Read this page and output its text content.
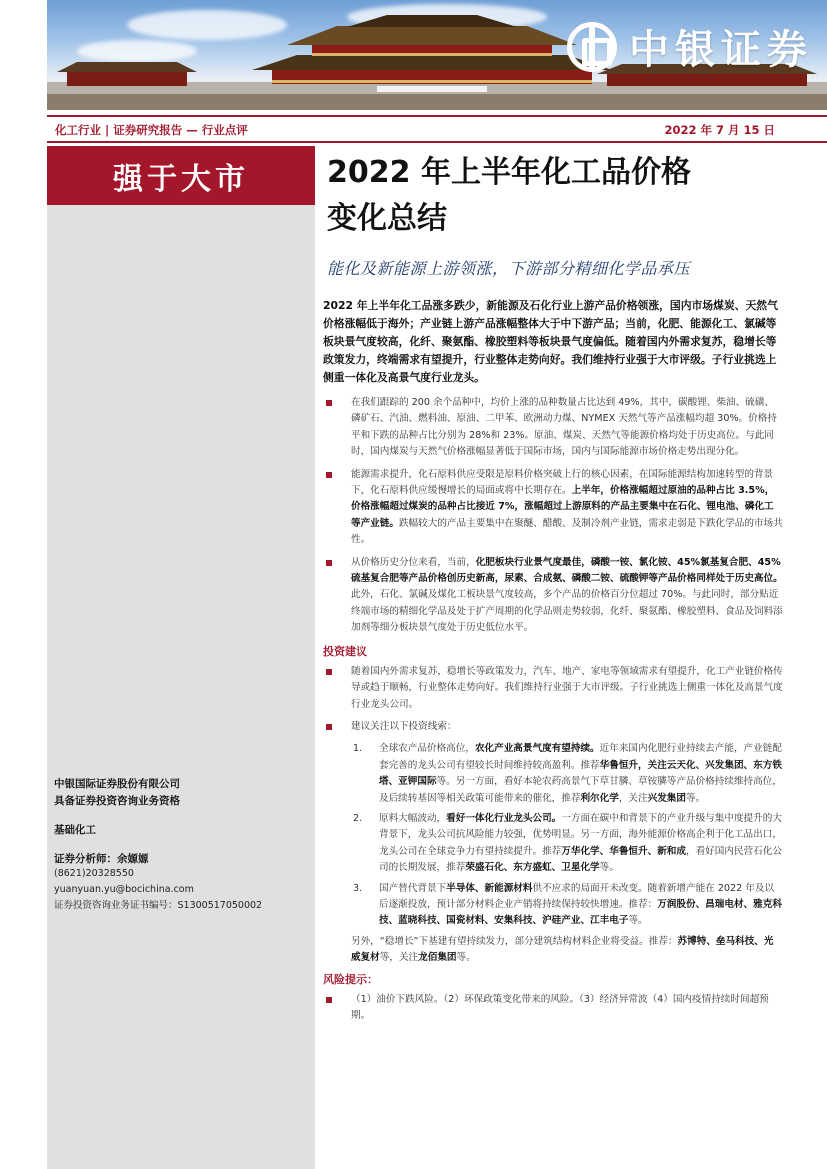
中银证券
化工行业 | 证券研究报告 — 行业点评	2022 年 7 月 15 日
强于大市	2022 年上半年化工品价格
变化总结
能化及新能源上游领涨，下游部分精细化学品承压
2022 年上半年化工品涨多跌少，新能源及石化行业上游产品价格领涨，国内市场煤炭、天然气价格涨幅低于海外；产业链上游产品涨幅整体大于中下游产品；当前，化肥、能源化工、氯碱等板块景气度较高，化纤、聚氨酯、橡胶塑料等板块景气度偏低。随着国内外需求复苏，稳增长等政策发力，终端需求有望提升，行业整体走势向好。我们维持行业强于大市评级。子行业挑选上侧重一体化及高景气度行业龙头。
在我们跟踪的 200 余个品种中，均价上涨的品种数量占比达到 49%，其中，碳酸锂、柴油、硫磺、磷矿石、汽油、燃料油、原油、二甲苯、欧洲动力煤、NYMEX 天然气等产品涨幅均超 30%。价格持平和下跌的品种占比分别为 28%和 23%。原油、煤炭、天然气等能源价格均处于历史高位。与此同时，国内煤炭与天然气价格涨幅显著低于国际市场，国内与国际能源市场价格走势出现分化。
能源需求提升，化石原料供应受限是原料价格突破上行的核心因素，在国际能源结构加速转型的背景下，化石原料供应缓慢增长的局面或将中长期存在。上半年，价格涨幅超过原油的品种占比 3.5%，价格涨幅超过煤炭的品种占比接近 7%，涨幅超过上游原料的产品主要集中在石化、锂电池、磷化工等产业链。跌幅较大的产品主要集中在聚醚、醋酸、及制冷剂产业链，需求走弱是下跌化学品的市场共性。
从价格历史分位来看，当前，化肥板块行业景气度最佳，磷酸一铵、氯化铵、45%氯基复合肥、45%硫基复合肥等产品价格创历史新高，尿素、合成氨、磷酸二铵、硫酸钾等产品价格同样处于历史高位。此外，石化、氯碱及煤化工板块景气度较高，多个产品的价格百分位超过 70%。与此同时，部分贴近终端市场的精细化学品及处于扩产周期的化学品则走势较弱，化纤、聚氨酯、橡胶塑料、食品及饲料添加剂等细分板块景气度处于历史低位水平。
投资建议
随着国内外需求复苏，稳增长等政策发力，汽车、地产、家电等领域需求有望提升，化工产业链价格传导或趋于顺畅，行业整体走势向好。我们维持行业强于大市评级。子行业挑选上侧重一体化及高景气度行业龙头公司。
建议关注以下投资线索：
1. 全球农产品价格高位，农化产业高景气度有望持续。近年来国内化肥行业持续去产能，产业链配套完善的龙头公司有望较长时间维持较高盈利。推荐华鲁恒升，关注云天化、兴发集团、东方铁塔、亚钾国际等。另一方面，看好本轮农药高景气下草甘膦、草铵膦等产品价格持续维持高位，及后续转基因等相关政策可能带来的催化，推荐利尔化学，关注兴发集团等。
2. 原料大幅波动，看好一体化行业龙头公司。一方面在碳中和背景下的产业升级与集中度提升的大背景下，龙头公司抗风险能力较强，优势明显。另一方面，海外能源价格高企利于化工品出口，龙头公司在全球竞争力有望持续提升。推荐万华化学、华鲁恒升、新和成，看好国内民营石化公司的长期发展，推荐荣盛石化、东方盛虹、卫星化学等。
3. 国产替代背景下半导体、新能源材料供不应求的局面开未改变。随着新增产能在 2022 年及以后逐渐投放，预计部分材料企业产销将持续保持较快增速。推荐：万润股份、昌瑞电材、雅克科技、蓝晓科技、国瓷材料、安集科技、沪硅产业、江丰电子等。
另外，“稳增长”下基建有望持续发力，部分建筑结构材料企业将受益。推荐：苏博特、垒马科技、光威复材等，关注龙佰集团等。
风险提示：
（1）油价下跌风险。（2）环保政策变化带来的风险。（3）经济异常波（4）国内疫情持续时间超预期。
中银国际证券股份有限公司
具备证券投资咨询业务资格
基础化工
证券分析师：余嫄嫄
(8621)20328550
yuanyuan.yu@bocichina.com
证券投资咨询业务证书编号：S1300517050002
